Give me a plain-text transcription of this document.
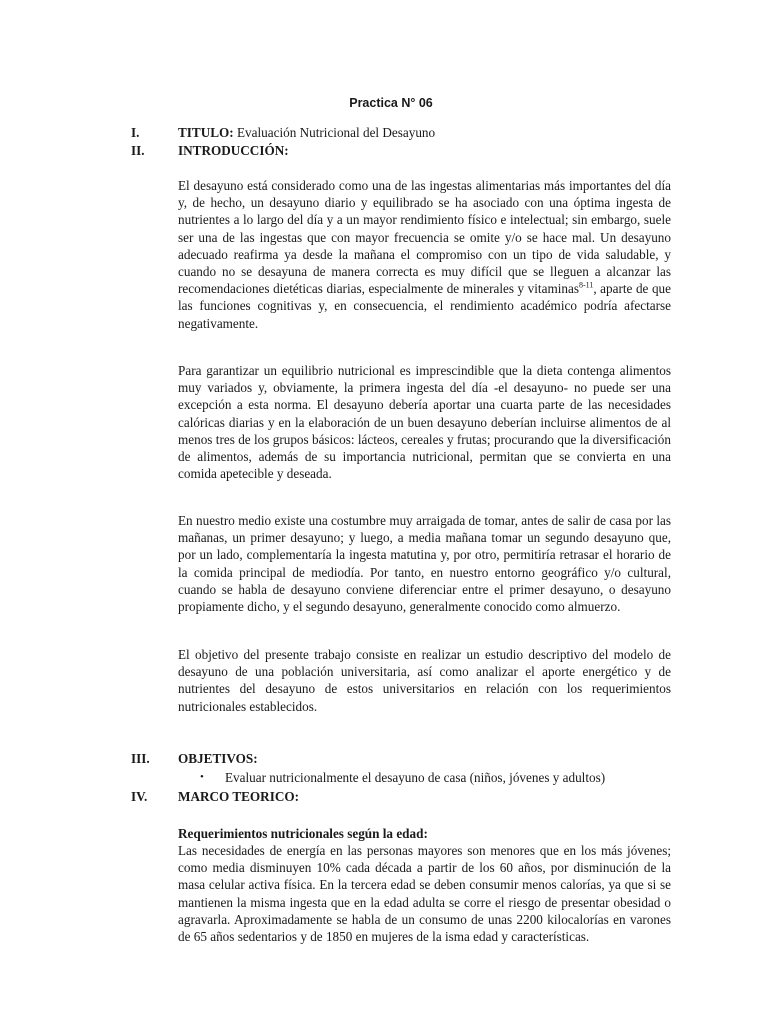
Practica N° 06
I.	TITULO: Evaluación Nutricional del Desayuno
II.	INTRODUCCIÓN:

El desayuno está considerado como una de las ingestas alimentarias más importantes del día y, de hecho, un desayuno diario y equilibrado se ha asociado con una óptima ingesta de nutrientes a lo largo del día y a un mayor rendimiento físico e intelectual; sin embargo, suele ser una de las ingestas que con mayor frecuencia se omite y/o se hace mal. Un desayuno adecuado reafirma ya desde la mañana el compromiso con un tipo de vida saludable, y cuando no se desayuna de manera correcta es muy difícil que se lleguen a alcanzar las recomendaciones dietéticas diarias, especialmente de minerales y vitaminas$^{8-11}$, aparte de que las funciones cognitivas y, en consecuencia, el rendimiento académico podría afectarse negativamente.

Para garantizar un equilibrio nutricional es imprescindible que la dieta contenga alimentos muy variados y, obviamente, la primera ingesta del día -el desayuno- no puede ser una excepción a esta norma. El desayuno debería aportar una cuarta parte de las necesidades calóricas diarias y en la elaboración de un buen desayuno deberían incluirse alimentos de al menos tres de los grupos básicos: lácteos, cereales y frutas; procurando que la diversificación de alimentos, además de su importancia nutricional, permitan que se convierta en una comida apetecible y deseada.

En nuestro medio existe una costumbre muy arraigada de tomar, antes de salir de casa por las mañanas, un primer desayuno; y luego, a media mañana tomar un segundo desayuno que, por un lado, complementaría la ingesta matutina y, por otro, permitiría retrasar el horario de la comida principal de mediodía. Por tanto, en nuestro entorno geográfico y/o cultural, cuando se habla de desayuno conviene diferenciar entre el primer desayuno, o desayuno propiamente dicho, y el segundo desayuno, generalmente conocido como almuerzo.

El objetivo del presente trabajo consiste en realizar un estudio descriptivo del modelo de desayuno de una población universitaria, así como analizar el aporte energético y de nutrientes del desayuno de estos universitarios en relación con los requerimientos nutricionales establecidos.

III. OBJETIVOS:
• Evaluar nutricionalmente el desayuno de casa (niños, jóvenes y adultos)
IV. MARCO TEORICO:
Requerimientos nutricionales según la edad:

Las necesidades de energía en las personas mayores son menores que en los más jóvenes; como media disminuyen 10% cada década a partir de los 60 años, por disminución de la masa celular activa física. En la tercera edad se deben consumir menos calorías, ya que si se mantienen la misma ingesta que en la edad adulta se corre el riesgo de presentar obesidad o agravarla. Aproximadamente se habla de un consumo de unas 2200 kilocalorías en varones de 65 años sedentarios y de 1850 en mujeres de la isma edad y características.
